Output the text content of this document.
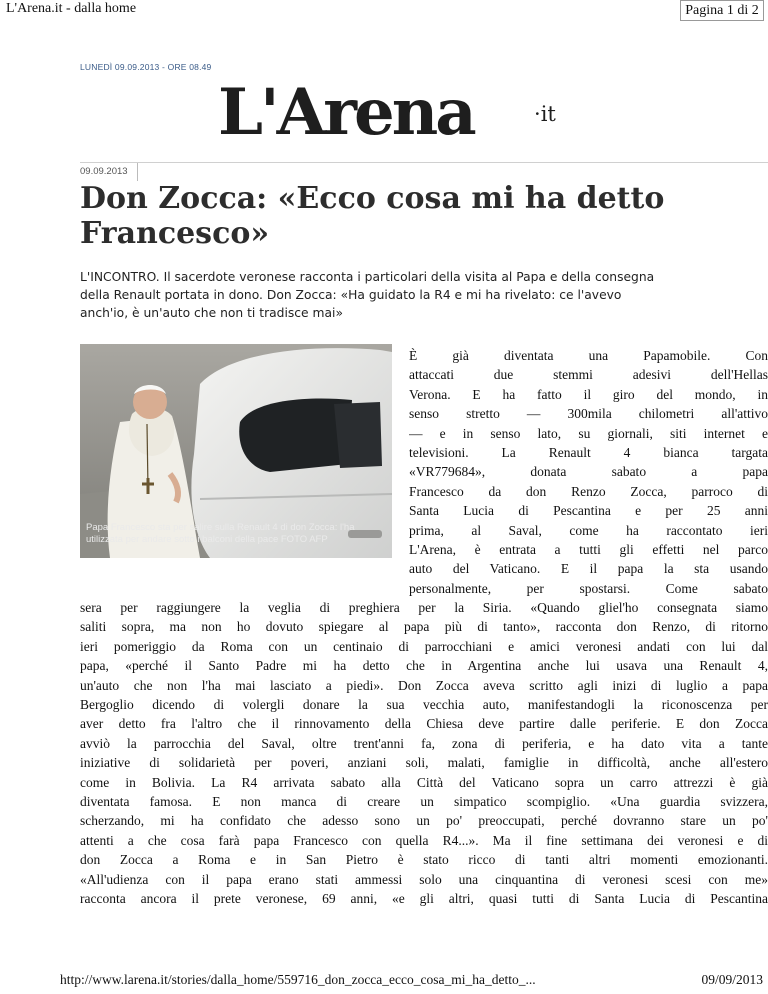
L'Arena.it - dalla home	Pagina 1 di 2
LUNEDÌ 09.09.2013 - ORE 08.49
L'Arena	·it
09.09.2013
Don Zocca: «Ecco cosa mi ha detto Francesco»
L'INCONTRO. Il sacerdote veronese racconta i particolari della visita al Papa e della consegna
della Renault portata in dono. Don Zocca: «Ha guidato la R4 e mi ha rivelato: ce l'avevo
anch'io, è un'auto che non ti tradisce mai»
Papa Francesco sta per salire sulla Renault 4 di don Zocca: l'ha utilizzata per andare sotto i balconi della pace FOTO AFP
È già diventata una Papamobile. Con
attaccati due stemmi adesivi dell'Hellas
Verona. E ha fatto il giro del mondo, in
senso stretto — 300mila chilometri all'attivo
— e in senso lato, su giornali, siti internet e
televisioni. La Renault 4 bianca targata
«VR779684», donata sabato a papa
Francesco da don Renzo Zocca, parroco di
Santa Lucia di Pescantina e per 25 anni
prima, al Saval, come ha raccontato ieri
L'Arena, è entrata a tutti gli effetti nel parco
auto del Vaticano. E il papa la sta usando
personalmente, per spostarsi. Come sabato
sera per raggiungere la veglia di preghiera per la Siria. «Quando gliel'ho consegnata siamo
saliti sopra, ma non ho dovuto spiegare al papa più di tanto», racconta don Renzo, di ritorno
ieri pomeriggio da Roma con un centinaio di parrocchiani e amici veronesi andati con lui dal
papa, «perché il Santo Padre mi ha detto che in Argentina anche lui usava una Renault 4,
un'auto che non l'ha mai lasciato a piedi». Don Zocca aveva scritto agli inizi di luglio a papa
Bergoglio dicendo di volergli donare la sua vecchia auto, manifestandogli la riconoscenza per
aver detto fra l'altro che il rinnovamento della Chiesa deve partire dalle periferie. E don Zocca
avviò la parrocchia del Saval, oltre trent'anni fa, zona di periferia, e ha dato vita a tante
iniziative di solidarietà per poveri, anziani soli, malati, famiglie in difficoltà, anche all'estero
come in Bolivia. La R4 arrivata sabato alla Città del Vaticano sopra un carro attrezzi è già
diventata famosa. E non manca di creare un simpatico scompiglio. «Una guardia svizzera,
scherzando, mi ha confidato che adesso sono un po' preoccupati, perché dovranno stare un po'
attenti a che cosa farà papa Francesco con quella R4...». Ma il fine settimana dei veronesi e di
don Zocca a Roma e in San Pietro è stato ricco di tanti altri momenti emozionanti.
«All'udienza con il papa erano stati ammessi solo una cinquantina di veronesi scesi con me»
racconta ancora il prete veronese, 69 anni, «e gli altri, quasi tutti di Santa Lucia di Pescantina
http://www.larena.it/stories/dalla_home/559716_don_zocca_ecco_cosa_mi_ha_detto_...	09/09/2013
